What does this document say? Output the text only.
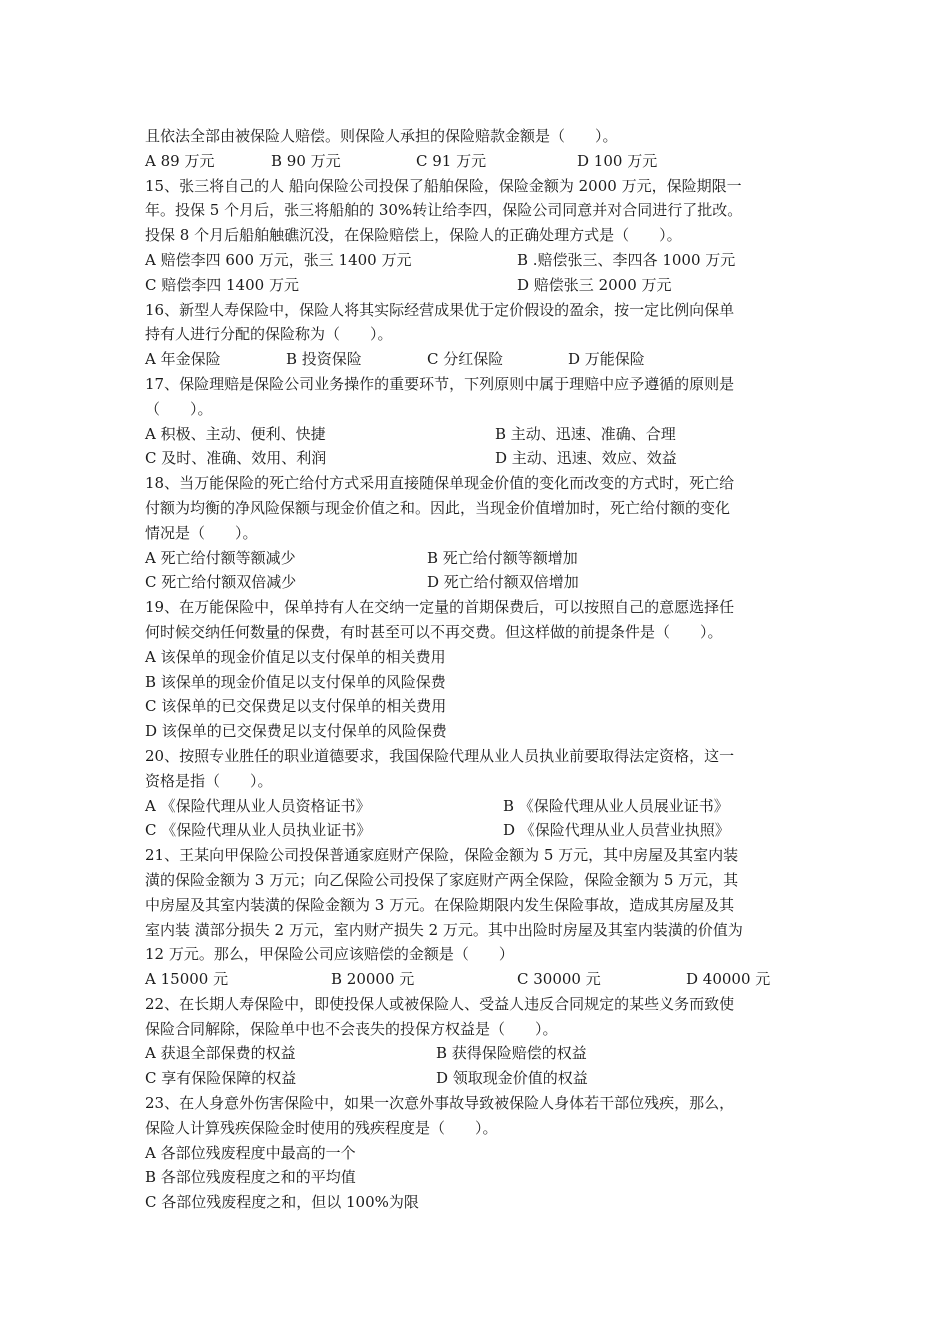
且依法全部由被保险人赔偿。则保险人承担的保险赔款金额是（　　）。
A 89 万元	B 90 万元	C 91 万元	D 100 万元
15、张三将自己的人 船向保险公司投保了船舶保险，保险金额为 2000 万元，保险期限一
年。投保 5 个月后，张三将船舶的 30%转让给李四，保险公司同意并对合同进行了批改。
投保 8 个月后船舶触礁沉没，在保险赔偿上，保险人的正确处理方式是（　　）。
A 赔偿李四 600 万元，张三 1400 万元	B .赔偿张三、李四各 1000 万元
C 赔偿李四 1400 万元	D 赔偿张三 2000 万元
16、新型人寿保险中，保险人将其实际经营成果优于定价假设的盈余，按一定比例向保单
持有人进行分配的保险称为（　　）。
A 年金保险	B 投资保险	C 分红保险	D 万能保险
17、保险理赔是保险公司业务操作的重要环节，下列原则中属于理赔中应予遵循的原则是
（　　）。
A 积极、主动、便利、快捷	B 主动、迅速、准确、合理
C 及时、准确、效用、利润	D 主动、迅速、效应、效益
18、当万能保险的死亡给付方式采用直接随保单现金价值的变化而改变的方式时，死亡给
付额为均衡的净风险保额与现金价值之和。因此，当现金价值增加时，死亡给付额的变化
情况是（　　）。
A 死亡给付额等额减少	B 死亡给付额等额增加
C 死亡给付额双倍减少	D 死亡给付额双倍增加
19、在万能保险中，保单持有人在交纳一定量的首期保费后，可以按照自己的意愿选择任
何时候交纳任何数量的保费，有时甚至可以不再交费。但这样做的前提条件是（　　）。
A 该保单的现金价值足以支付保单的相关费用
B 该保单的现金价值足以支付保单的风险保费
C 该保单的已交保费足以支付保单的相关费用
D 该保单的已交保费足以支付保单的风险保费
20、按照专业胜任的职业道德要求，我国保险代理从业人员执业前要取得法定资格，这一
资格是指（　　）。
A 《保险代理从业人员资格证书》	B 《保险代理从业人员展业证书》
C 《保险代理从业人员执业证书》	D 《保险代理从业人员营业执照》
21、王某向甲保险公司投保普通家庭财产保险，保险金额为 5 万元，其中房屋及其室内装
潢的保险金额为 3 万元；向乙保险公司投保了家庭财产两全保险，保险金额为 5 万元，其
中房屋及其室内装潢的保险金额为 3 万元。在保险期限内发生保险事故，造成其房屋及其
室内装 潢部分损失 2 万元，室内财产损失 2 万元。其中出险时房屋及其室内装潢的价值为
12 万元。那么，甲保险公司应该赔偿的金额是（　　）
A 15000 元	B 20000 元	C 30000 元	D 40000 元
22、在长期人寿保险中，即使投保人或被保险人、受益人违反合同规定的某些义务而致使
保险合同解除，保险单中也不会丧失的投保方权益是（　　）。
A 获退全部保费的权益	B 获得保险赔偿的权益
C 享有保险保障的权益	D 领取现金价值的权益
23、在人身意外伤害保险中，如果一次意外事故导致被保险人身体若干部位残疾，那么，
保险人计算残疾保险金时使用的残疾程度是（　　）。
A 各部位残废程度中最高的一个
B 各部位残废程度之和的平均值
C 各部位残废程度之和，但以 100%为限
